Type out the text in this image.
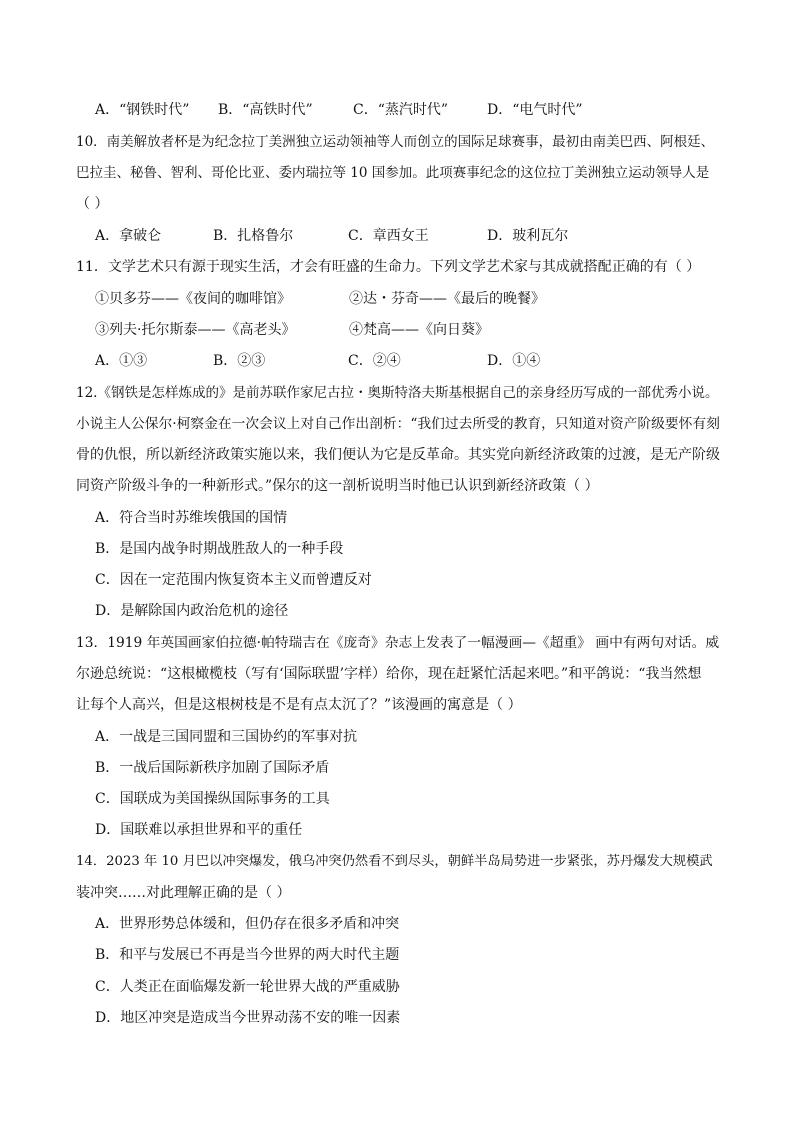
A．“钢铁时代” B．“高铁时代”	C．“蒸汽时代”	D．“电气时代”
10．南美解放者杯是为纪念拉丁美洲独立运动领袖等人而创立的国际足球赛事，最初由南美巴西、阿根廷、
巴拉圭、秘鲁、智利、哥伦比亚、委内瑞拉等 10 国参加。此项赛事纪念的这位拉丁美洲独立运动领导人是
（ ）
A．拿破仑	B．扎格鲁尔	C．章西女王	D．玻利瓦尔
11．文学艺术只有源于现实生活，才会有旺盛的生命力。下列文学艺术家与其成就搭配正确的有（ ）
①贝多芬——《夜间的咖啡馆》	②达・芬奇——《最后的晚餐》
③列夫·托尔斯泰——《高老头》	④梵高——《向日葵》
A．①③	B．②③	C．②④	D．①④
12.《钢铁是怎样炼成的》是前苏联作家尼古拉・奥斯特洛夫斯基根据自己的亲身经历写成的一部优秀小说。
小说主人公保尔·柯察金在一次会议上对自己作出剖析：“我们过去所受的教育，只知道对资产阶级要怀有刻
骨的仇恨，所以新经济政策实施以来，我们便认为它是反革命。其实党向新经济政策的过渡，是无产阶级
同资产阶级斗争的一种新形式。”保尔的这一剖析说明当时他已认识到新经济政策（ ）
A．符合当时苏维埃俄国的国情
B．是国内战争时期战胜敌人的一种手段
C．因在一定范围内恢复资本主义而曾遭反对
D．是解除国内政治危机的途径
13．1919 年英国画家伯拉德·帕特瑞吉在《庞奇》杂志上发表了一幅漫画—《超重》 画中有两句对话。威
尔逊总统说：“这根橄榄枝（写有‘国际联盟’字样）给你，现在赶紧忙活起来吧。”和平鸽说：“我当然想
让每个人高兴，但是这根树枝是不是有点太沉了？”该漫画的寓意是（ ）
A．一战是三国同盟和三国协约的军事对抗
B．一战后国际新秩序加剧了国际矛盾
C．国联成为美国操纵国际事务的工具
D．国联难以承担世界和平的重任
14．2023 年 10 月巴以冲突爆发，俄乌冲突仍然看不到尽头，朝鲜半岛局势进一步紧张，苏丹爆发大规模武
装冲突……对此理解正确的是（ ）
A．世界形势总体缓和，但仍存在很多矛盾和冲突
B．和平与发展已不再是当今世界的两大时代主题
C．人类正在面临爆发新一轮世界大战的严重威胁
D．地区冲突是造成当今世界动荡不安的唯一因素
